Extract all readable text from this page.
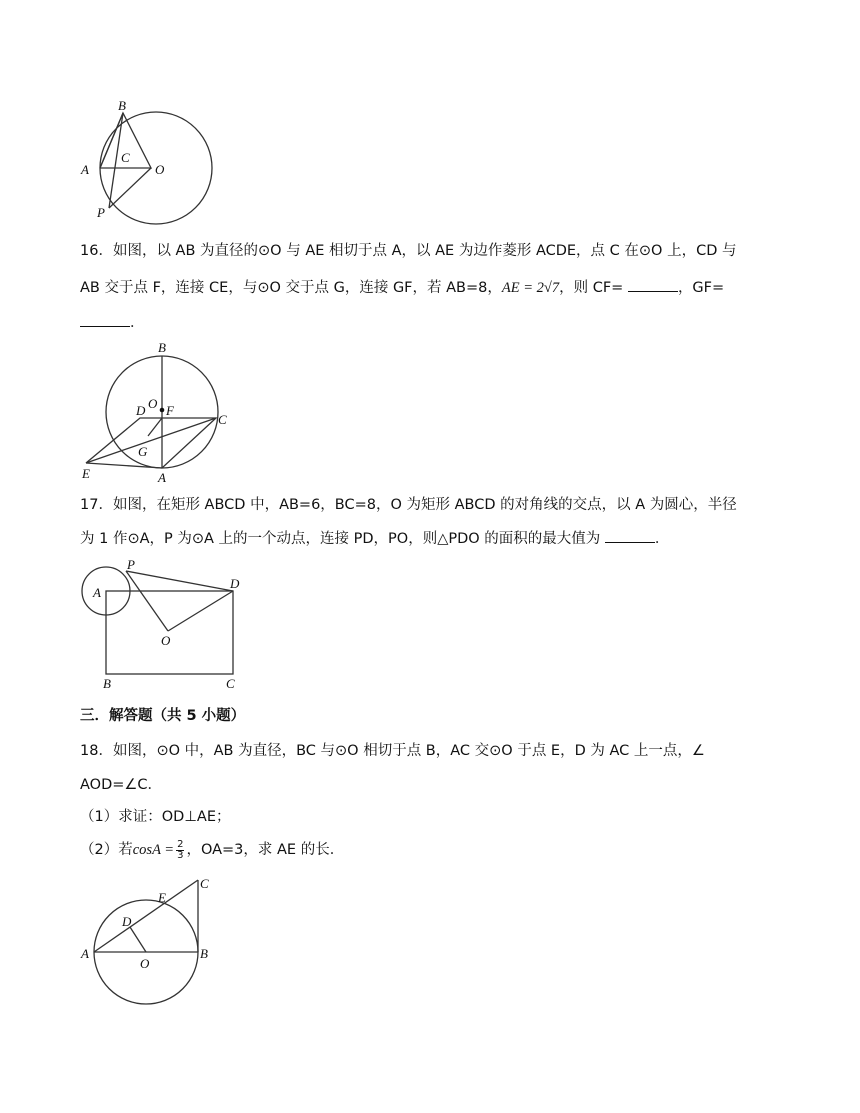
B
A
C
O
P
16．如图，以 AB 为直径的⊙O 与 AE 相切于点 A，以 AE 为边作菱形 ACDE，点 C 在⊙O 上，CD 与
AB 交于点 F，连接 CE，与⊙O 交于点 G，连接 GF，若 AB=8，AE = 2√7，则 CF=	，GF=
．
B
O F
D
C
G
E	A
17．如图，在矩形 ABCD 中，AB=6，BC=8，O 为矩形 ABCD 的对角线的交点，以 A 为圆心，半径
为 1 作⊙A，P 为⊙A 上的一个动点，连接 PD，PO，则△PDO 的面积的最大值为	．
P
D
A
O
B	C
三．解答题（共 5 小题）
18．如图，⊙O 中，AB 为直径，BC 与⊙O 相切于点 B，AC 交⊙O 于点 E，D 为 AC 上一点，∠
AOD=∠C．
（1）求证：OD⊥AE；
（2）若$\cos A = \frac{2}{3}$ ，OA=3，求 AE 的长．
C
E
D
A
O
B
